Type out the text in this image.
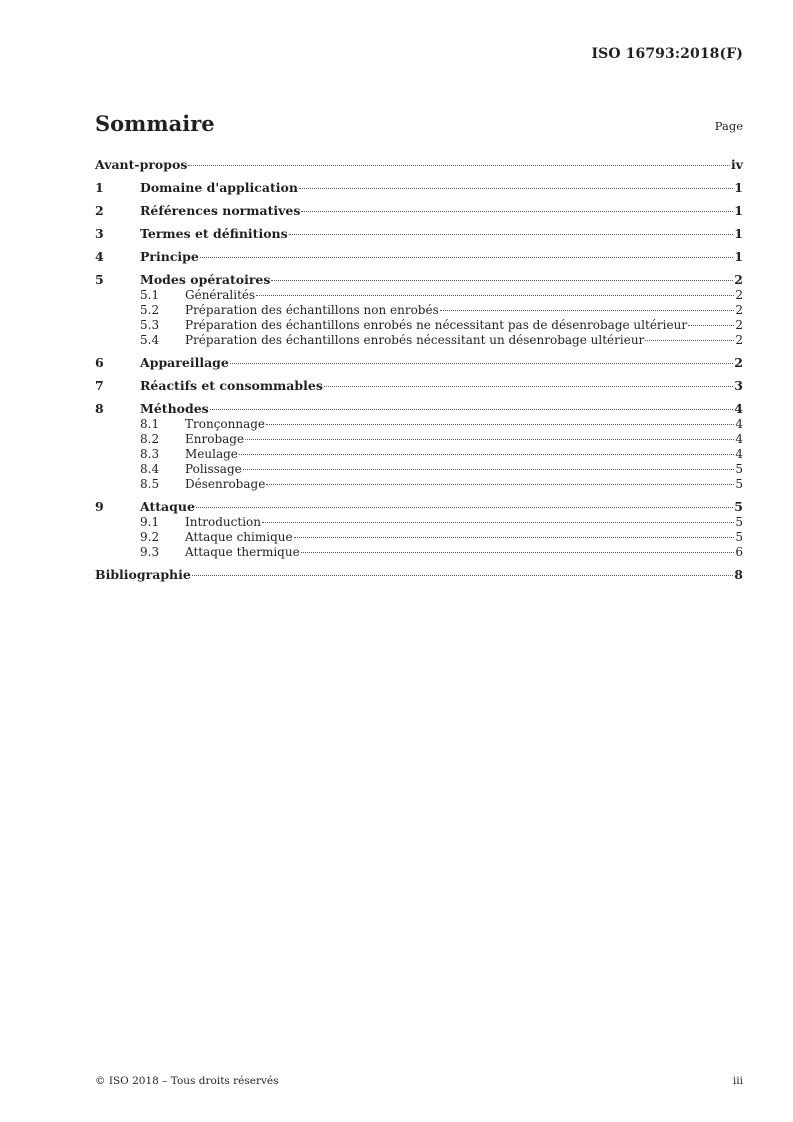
ISO 16793:2018(F)
Sommaire	Page
Avant-propos	iv
1	Domaine d'application	1
2	Références normatives	1
3	Termes et définitions	1
4	Principe	1
5	Modes opératoires	2
5.1	Généralités	2
5.2	Préparation des échantillons non enrobés	2
5.3	Préparation des échantillons enrobés ne nécessitant pas de désenrobage ultérieur	2
5.4	Préparation des échantillons enrobés nécessitant un désenrobage ultérieur	2
6	Appareillage	2
7	Réactifs et consommables	3
8	Méthodes	4
8.1	Tronçonnage	4
8.2	Enrobage	4
8.3	Meulage	4
8.4	Polissage	5
8.5	Désenrobage	5
9	Attaque	5
9.1	Introduction	5
9.2	Attaque chimique	5
9.3	Attaque thermique	6
Bibliographie	8
© ISO 2018 – Tous droits réservés	iii
